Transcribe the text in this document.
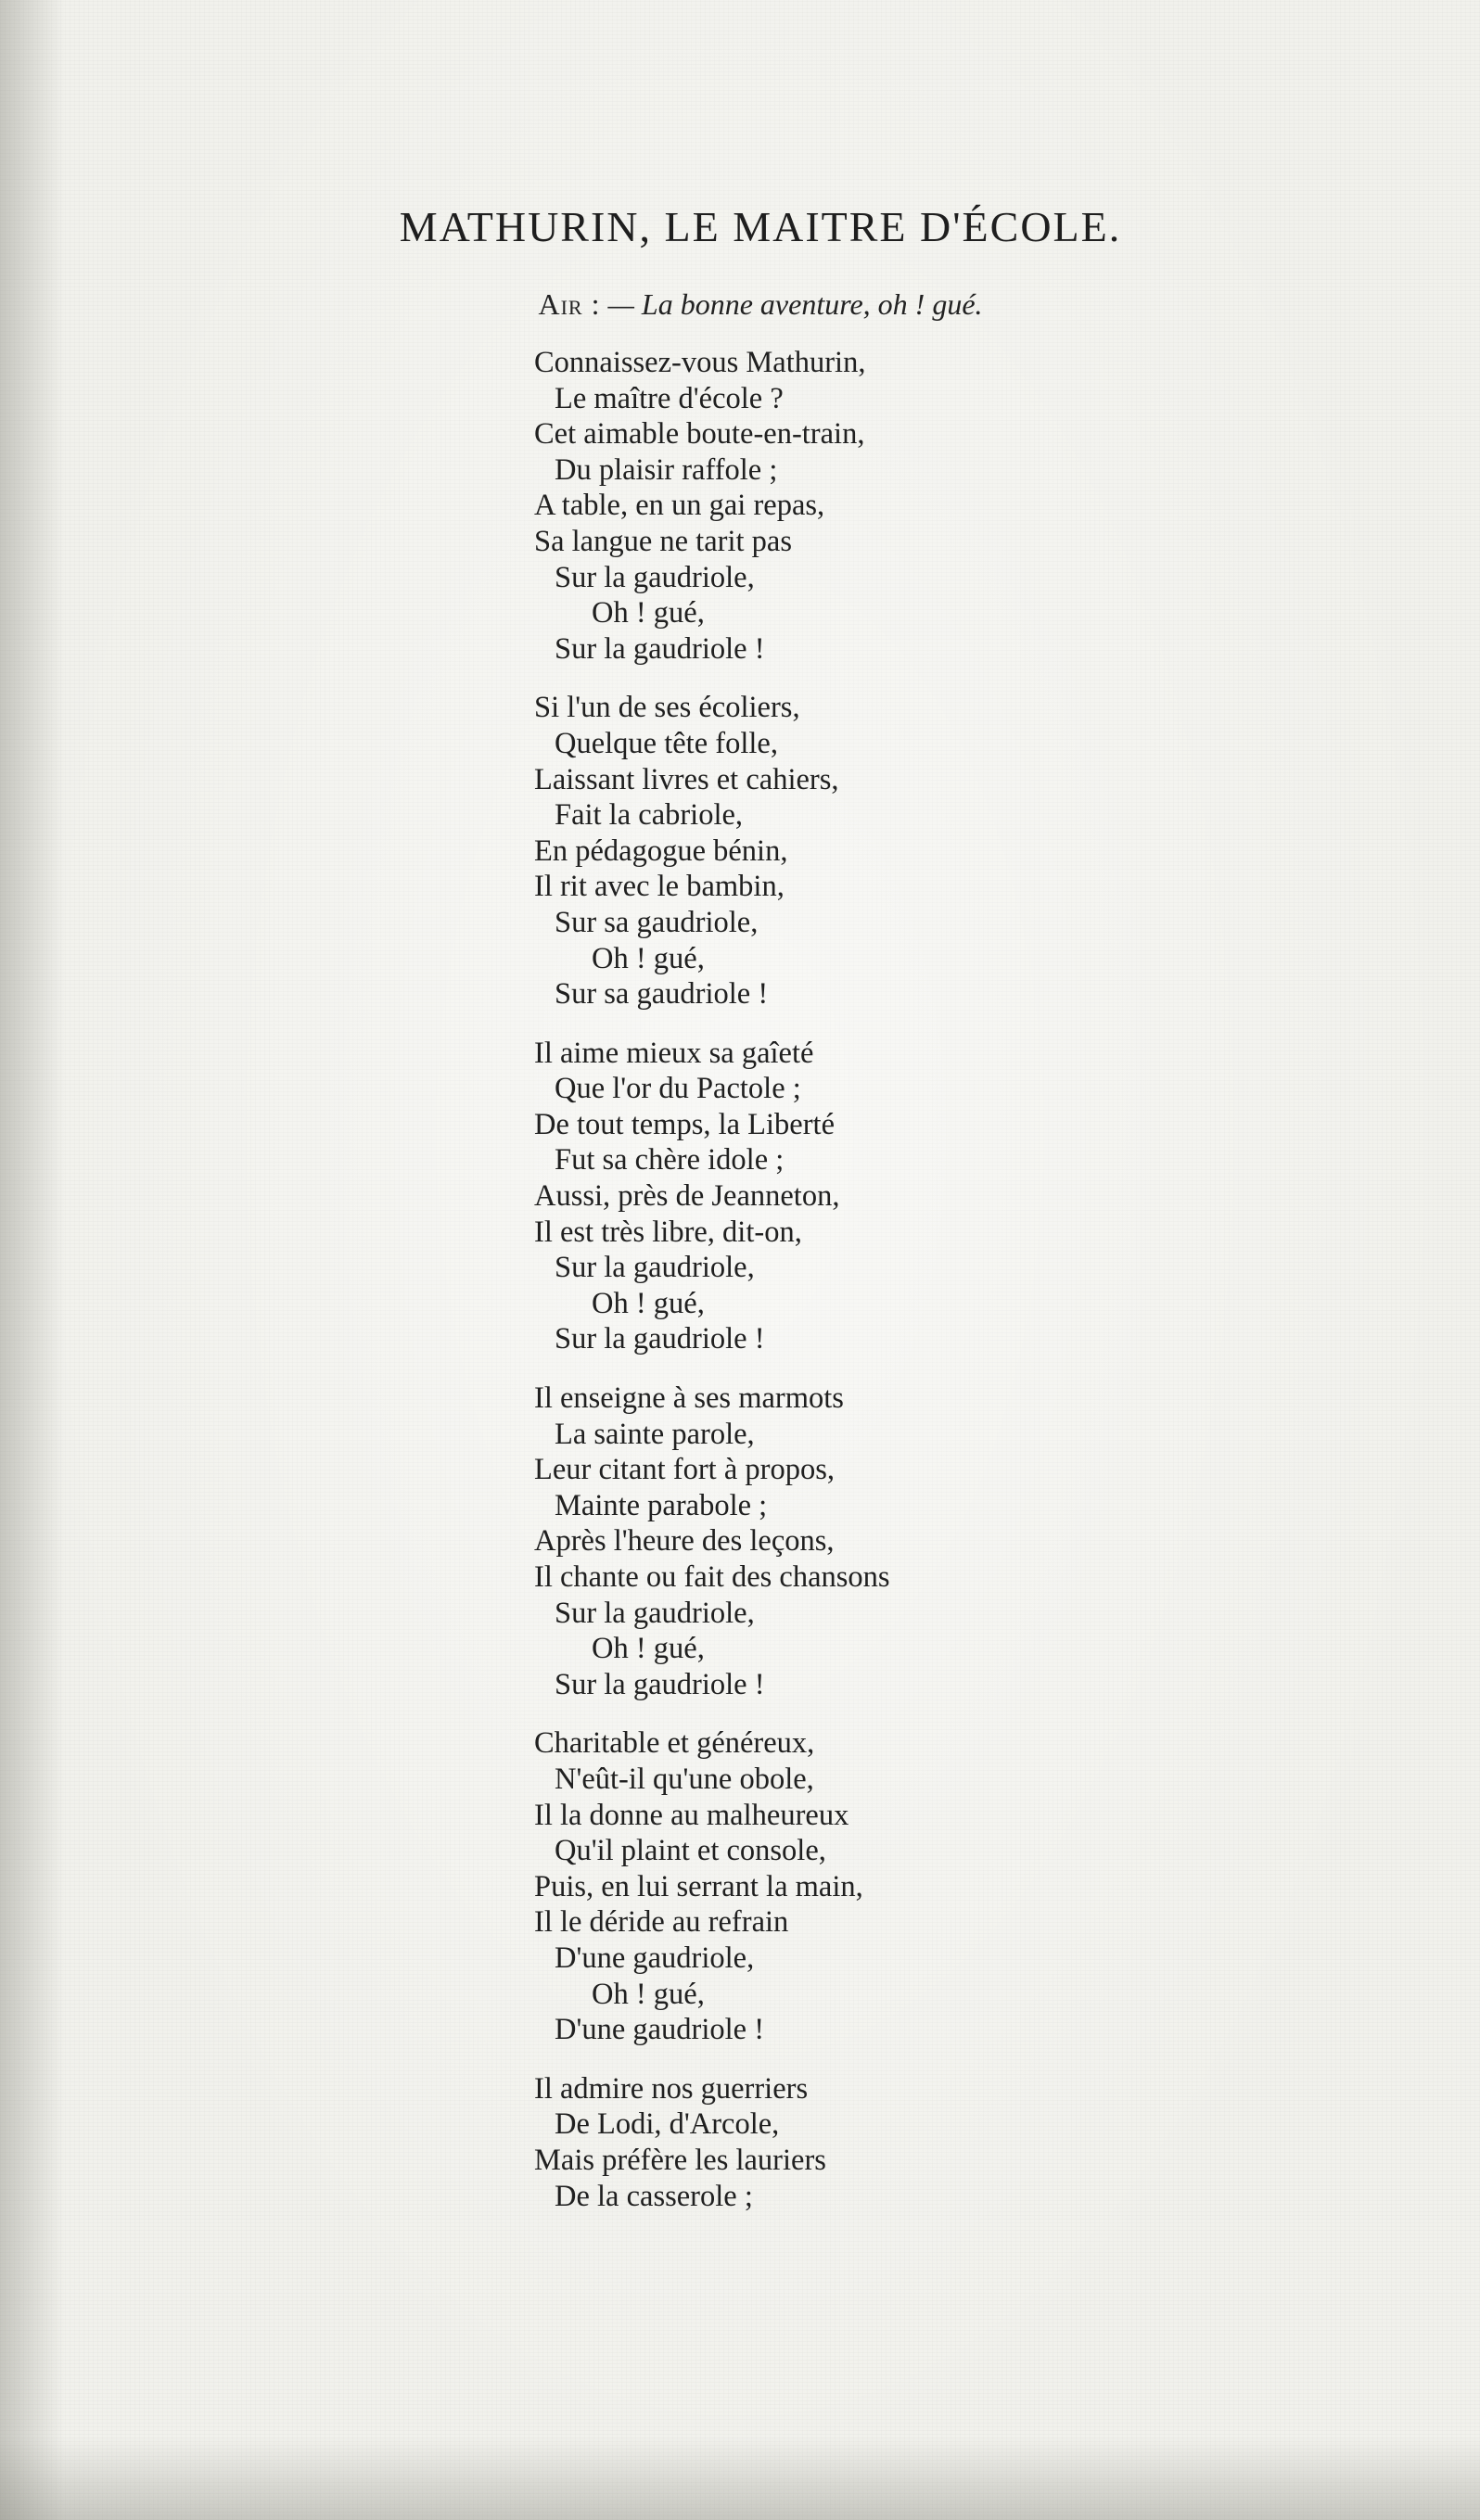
MATHURIN, LE MAITRE D'ÉCOLE.
Air : — La bonne aventure, oh ! gué.
Connaissez-vous Mathurin,
Le maître d'école ?
Cet aimable boute-en-train,
Du plaisir raffole ;
A table, en un gai repas,
Sa langue ne tarit pas
Sur la gaudriole,
Oh ! gué,
Sur la gaudriole !
Si l'un de ses écoliers,
Quelque tête folle,
Laissant livres et cahiers,
Fait la cabriole,
En pédagogue bénin,
Il rit avec le bambin,
Sur sa gaudriole,
Oh ! gué,
Sur sa gaudriole !
Il aime mieux sa gaîeté
Que l'or du Pactole ;
De tout temps, la Liberté
Fut sa chère idole ;
Aussi, près de Jeanneton,
Il est très libre, dit-on,
Sur la gaudriole,
Oh ! gué,
Sur la gaudriole !
Il enseigne à ses marmots
La sainte parole,
Leur citant fort à propos,
Mainte parabole ;
Après l'heure des leçons,
Il chante ou fait des chansons
Sur la gaudriole,
Oh ! gué,
Sur la gaudriole !
Charitable et généreux,
N'eût-il qu'une obole,
Il la donne au malheureux
Qu'il plaint et console,
Puis, en lui serrant la main,
Il le déride au refrain
D'une gaudriole,
Oh ! gué,
D'une gaudriole !
Il admire nos guerriers
De Lodi, d'Arcole,
Mais préfère les lauriers
De la casserole ;
